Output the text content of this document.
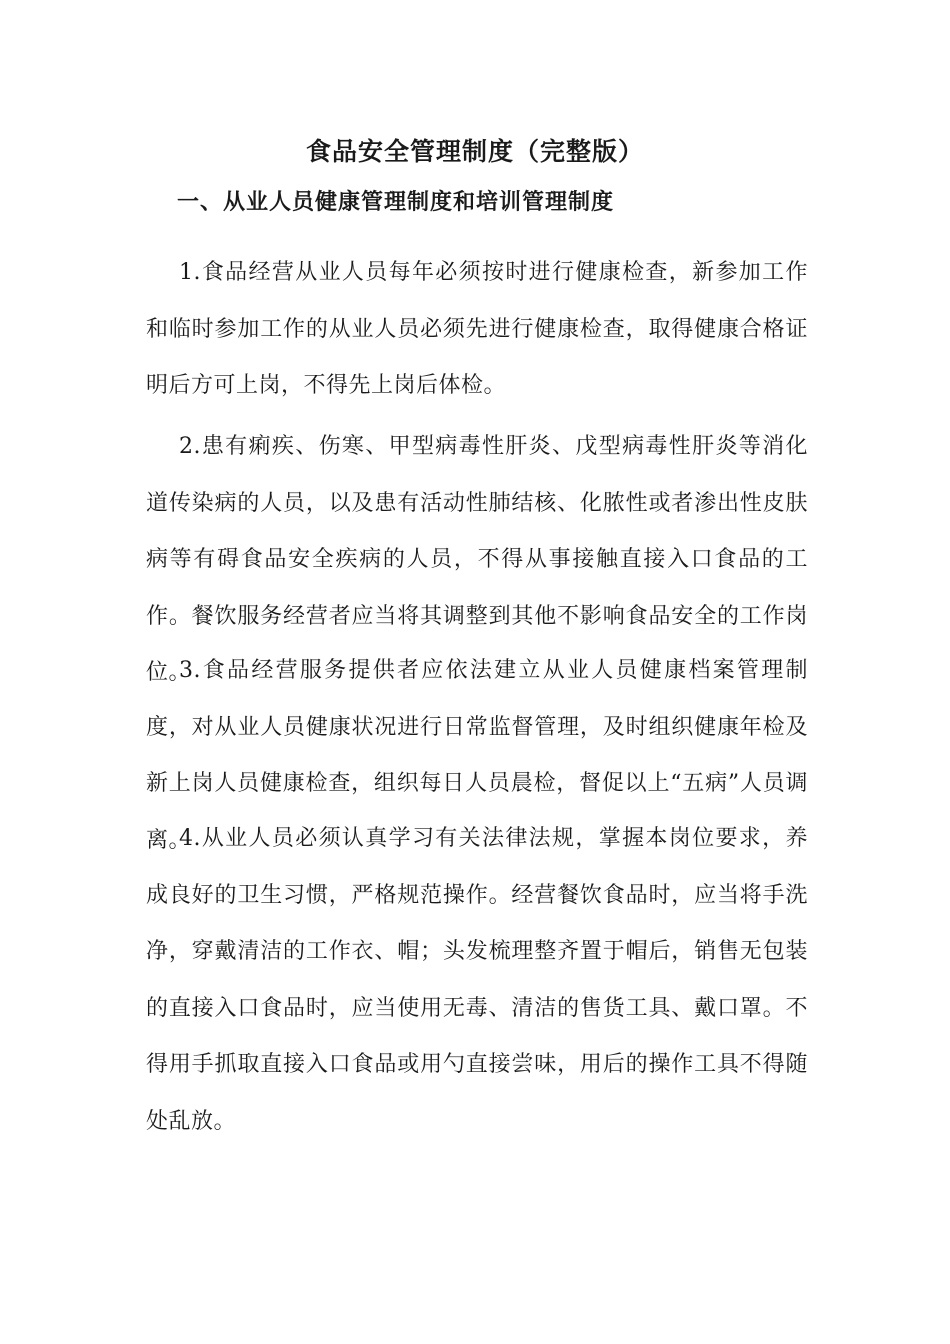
食品安全管理制度（完整版）
一、从业人员健康管理制度和培训管理制度

1.食品经营从业人员每年必须按时进行健康检查，新参加工作和临时参加工作的从业人员必须先进行健康检查，取得健康合格证明后方可上岗，不得先上岗后体检。

2.患有痢疾、伤寒、甲型病毒性肝炎、戊型病毒性肝炎等消化道传染病的人员，以及患有活动性肺结核、化脓性或者渗出性皮肤病等有碍食品安全疾病的人员，不得从事接触直接入口食品的工作。餐饮服务经营者应当将其调整到其他不影响食品安全的工作岗位。

3.食品经营服务提供者应依法建立从业人员健康档案管理制度，对从业人员健康状况进行日常监督管理，及时组织健康年检及新上岗人员健康检查，组织每日人员晨检，督促以上“五病”人员调离。

4.从业人员必须认真学习有关法律法规，掌握本岗位要求，养成良好的卫生习惯，严格规范操作。经营餐饮食品时，应当将手洗净，穿戴清洁的工作衣、帽；头发梳理整齐置于帽后，销售无包装的直接入口食品时，应当使用无毒、清洁的售货工具、戴口罩。不得用手抓取直接入口食品或用勺直接尝味，用后的操作工具不得随处乱放。
